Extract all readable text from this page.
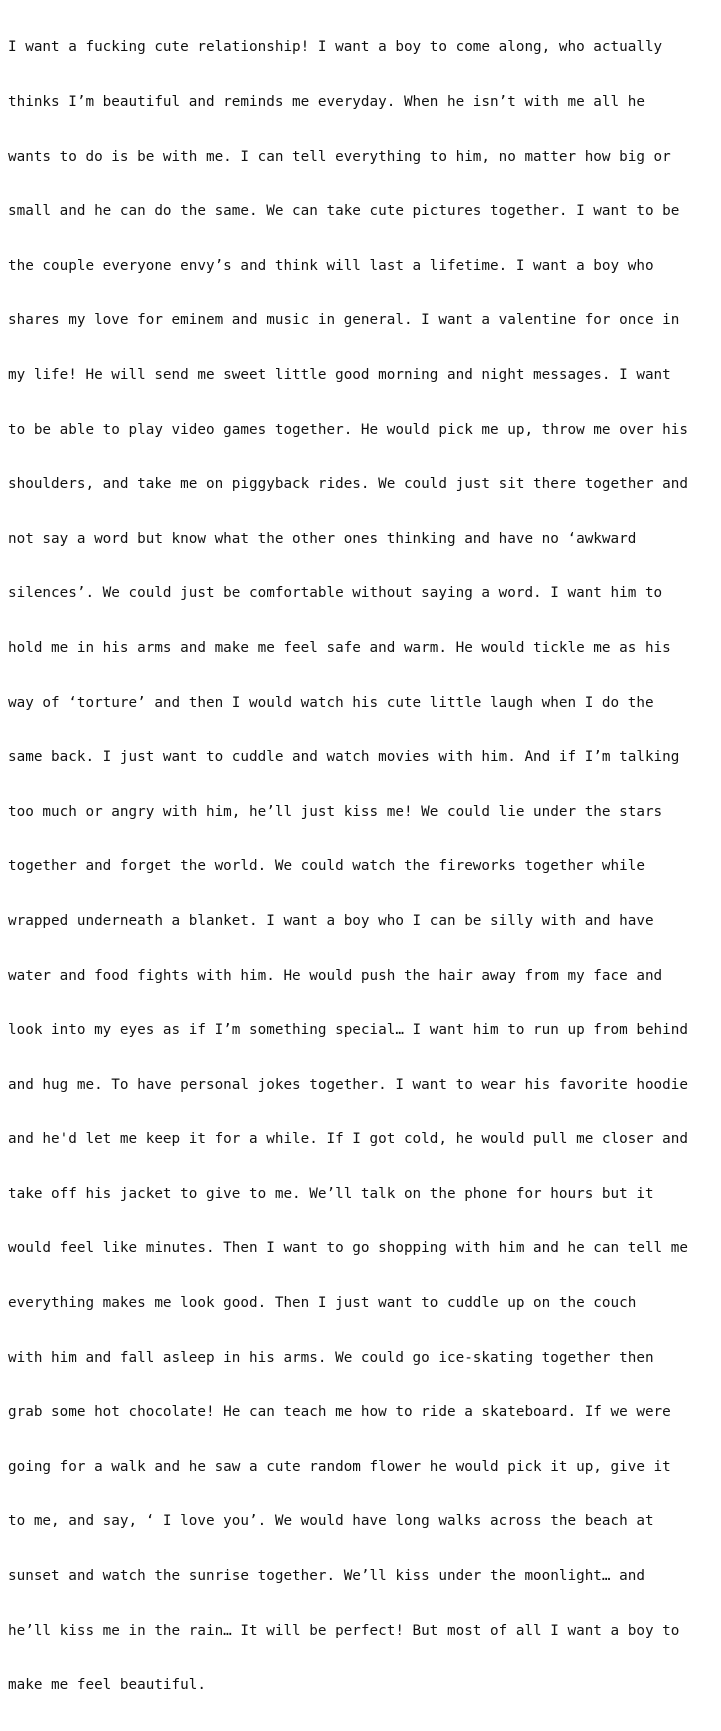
I want a fucking cute relationship! I want a boy to come along, who actually

thinks I’m beautiful and reminds me everyday. When he isn’t with me all he

wants to do is be with me. I can tell everything to him, no matter how big or

small and he can do the same. We can take cute pictures together. I want to be

the couple everyone envy’s and think will last a lifetime. I want a boy who

shares my love for eminem and music in general. I want a valentine for once in

my life! He will send me sweet little good morning and night messages. I want

to be able to play video games together. He would pick me up, throw me over his

shoulders, and take me on piggyback rides. We could just sit there together and

not say a word but know what the other ones thinking and have no ‘awkward

silences’. We could just be comfortable without saying a word. I want him to

hold me in his arms and make me feel safe and warm. He would tickle me as his

way of ‘torture’ and then I would watch his cute little laugh when I do the

same back. I just want to cuddle and watch movies with him. And if I’m talking

too much or angry with him, he’ll just kiss me! We could lie under the stars

together and forget the world. We could watch the fireworks together while

wrapped underneath a blanket. I want a boy who I can be silly with and have

water and food fights with him. He would push the hair away from my face and

look into my eyes as if I’m something special… I want him to run up from behind

and hug me. To have personal jokes together. I want to wear his favorite hoodie

and he'd let me keep it for a while. If I got cold, he would pull me closer and

take off his jacket to give to me. We’ll talk on the phone for hours but it

would feel like minutes. Then I want to go shopping with him and he can tell me

everything makes me look good. Then I just want to cuddle up on the couch

with him and fall asleep in his arms. We could go ice-skating together then

grab some hot chocolate! He can teach me how to ride a skateboard. If we were

going for a walk and he saw a cute random flower he would pick it up, give it

to me, and say, ‘ I love you’. We would have long walks across the beach at

sunset and watch the sunrise together. We’ll kiss under the moonlight… and

he’ll kiss me in the rain… It will be perfect! But most of all I want a boy to

make me feel beautiful.
